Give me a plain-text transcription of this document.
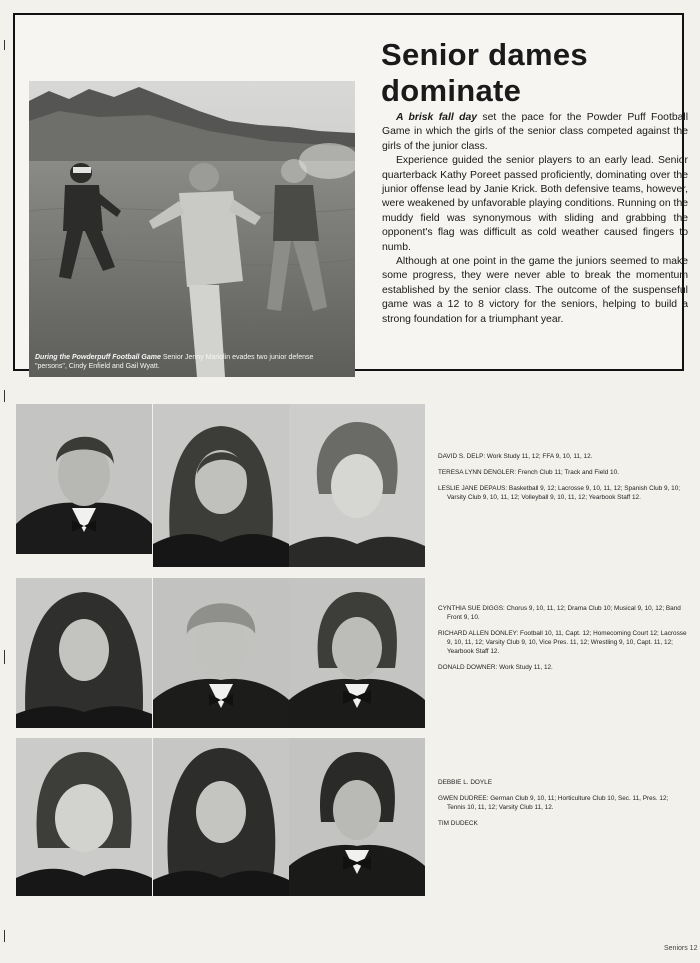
During the Powderpuff Football Game Senior Jenny Mariolin evades two junior defense "persons", Cindy Enfield and Gail Wyatt.
Senior dames dominate

A brisk fall day set the pace for the Powder Puff Football Game in which the girls of the senior class competed against the girls of the junior class.

Experience guided the senior players to an early lead. Senior quarterback Kathy Poreet passed proficiently, dominating over the junior offense lead by Janie Krick. Both defensive teams, however, were weakened by unfavorable playing conditions. Running on the muddy field was synonymous with sliding and grabbing the opponent's flag was difficult as cold weather caused fingers to numb.

Although at one point in the game the juniors seemed to make some progress, they were never able to break the momentum established by the senior class. The outcome of the suspenseful game was a 12 to 8 victory for the seniors, helping to build a strong foundation for a triumphant year.

DAVID S. DELP: Work Study 11, 12; FFA 9, 10, 11, 12.

TERESA LYNN DENGLER: French Club 11; Track and Field 10.

LESLIE JANE DEPAUS: Basketball 9, 12; Lacrosse 9, 10, 11, 12; Spanish Club 9, 10; Varsity Club 9, 10, 11, 12; Volleyball 9, 10, 11, 12; Yearbook Staff 12.

CYNTHIA SUE DIGGS: Chorus 9, 10, 11, 12; Drama Club 10; Musical 9, 10, 12; Band Front 9, 10.

RICHARD ALLEN DONLEY: Football 10, 11, Capt. 12; Homecoming Court 12; Lacrosse 9, 10, 11, 12; Varsity Club 9, 10, Vice Pres. 11, 12; Wrestling 9, 10, Capt. 11, 12; Yearbook Staff 12.

DONALD DOWNER: Work Study 11, 12.

DEBBIE L. DOYLE

GWEN DUDREE: German Club 9, 10, 11; Horticulture Club 10, Sec. 11, Pres. 12; Tennis 10, 11, 12; Varsity Club 11, 12.

TIM DUDECK

Seniors 12
